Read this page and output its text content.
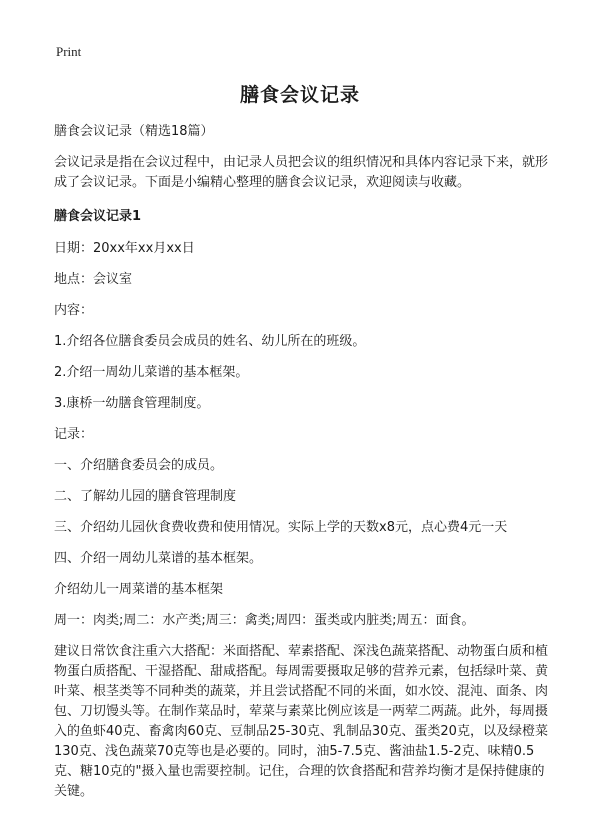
Print
膳食会议记录

膳食会议记录（精选18篇）

会议记录是指在会议过程中，由记录人员把会议的组织情况和具体内容记录下来，就形成了会议记录。下面是小编精心整理的膳食会议记录，欢迎阅读与收藏。

膳食会议记录1

日期：20xx年xx月xx日

地点：会议室

内容：

1.介绍各位膳食委员会成员的姓名、幼儿所在的班级。

2.介绍一周幼儿菜谱的基本框架。

3.康桥一幼膳食管理制度。

记录：

一、介绍膳食委员会的成员。

二、了解幼儿园的膳食管理制度

三、介绍幼儿园伙食费收费和使用情况。实际上学的天数x8元，点心费4元一天

四、介绍一周幼儿菜谱的基本框架。

介绍幼儿一周菜谱的基本框架

周一：肉类;周二：水产类;周三：禽类;周四：蛋类或内脏类;周五：面食。

建议日常饮食注重六大搭配：米面搭配、荤素搭配、深浅色蔬菜搭配、动物蛋白质和植物蛋白质搭配、干湿搭配、甜咸搭配。每周需要摄取足够的营养元素，包括绿叶菜、黄叶菜、根茎类等不同种类的蔬菜，并且尝试搭配不同的米面，如水饺、混沌、面条、肉包、刀切馒头等。在制作菜品时，荤菜与素菜比例应该是一两荤二两蔬。此外，每周摄入的鱼虾40克、畜禽肉60克、豆制品25-30克、乳制品30克、蛋类20克，以及绿橙菜130克、浅色蔬菜70克等也是必要的。同时，油5-7.5克、酱油盐1.5-2克、味精0.5克、糖10克的"摄入量也需要控制。记住，合理的饮食搭配和营养均衡才是保持健康的关键。
